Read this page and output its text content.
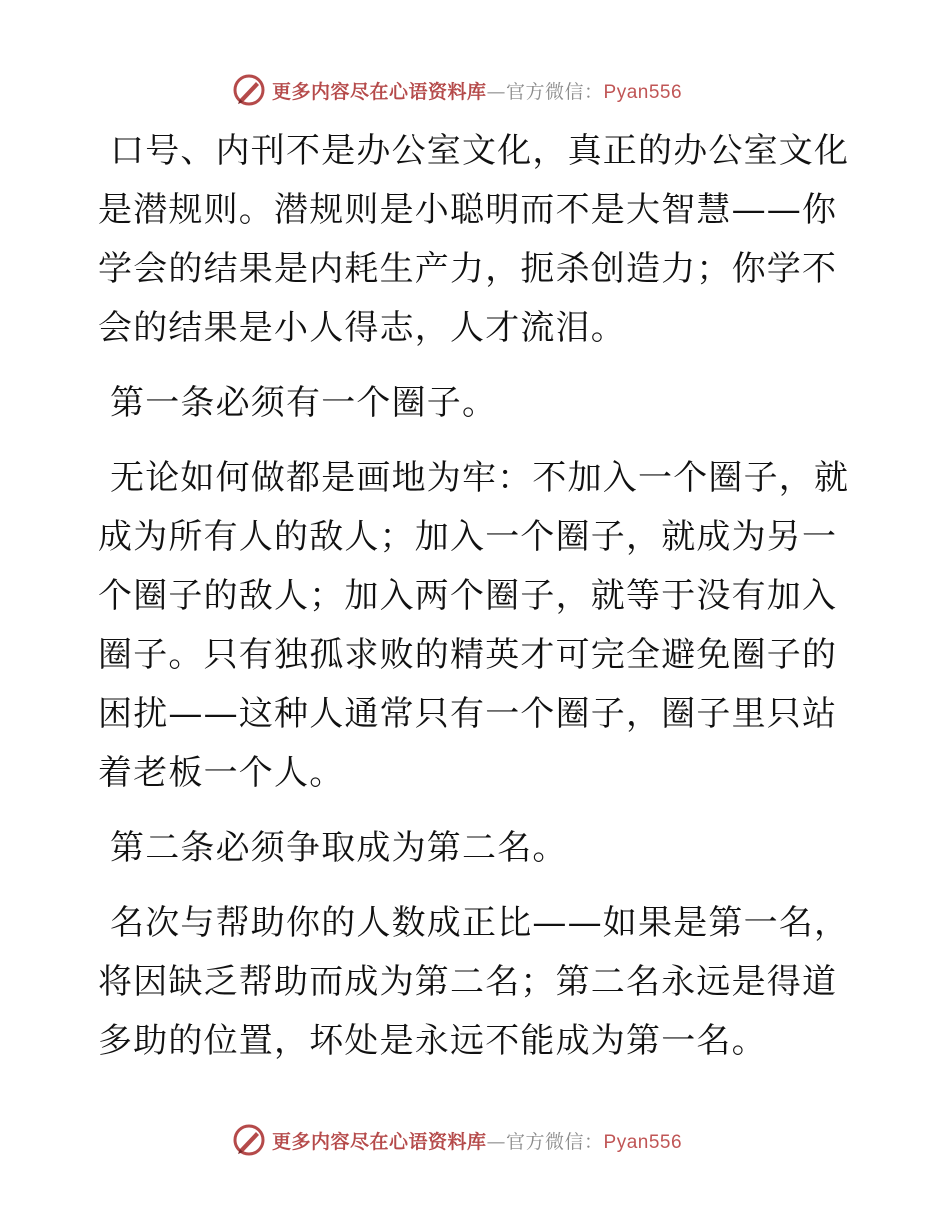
更多内容尽在心语资料库—官方微信：Pyan556

口号、内刊不是办公室文化，真正的办公室文化是潜规则。潜规则是小聪明而不是大智慧——你学会的结果是内耗生产力，扼杀创造力；你学不会的结果是小人得志，人才流泪。

第一条必须有一个圈子。

无论如何做都是画地为牢：不加入一个圈子，就成为所有人的敌人；加入一个圈子，就成为另一个圈子的敌人；加入两个圈子，就等于没有加入圈子。只有独孤求败的精英才可完全避免圈子的困扰——这种人通常只有一个圈子，圈子里只站着老板一个人。

第二条必须争取成为第二名。

名次与帮助你的人数成正比——如果是第一名，将因缺乏帮助而成为第二名；第二名永远是得道多助的位置，坏处是永远不能成为第一名。

更多内容尽在心语资料库—官方微信：Pyan556
